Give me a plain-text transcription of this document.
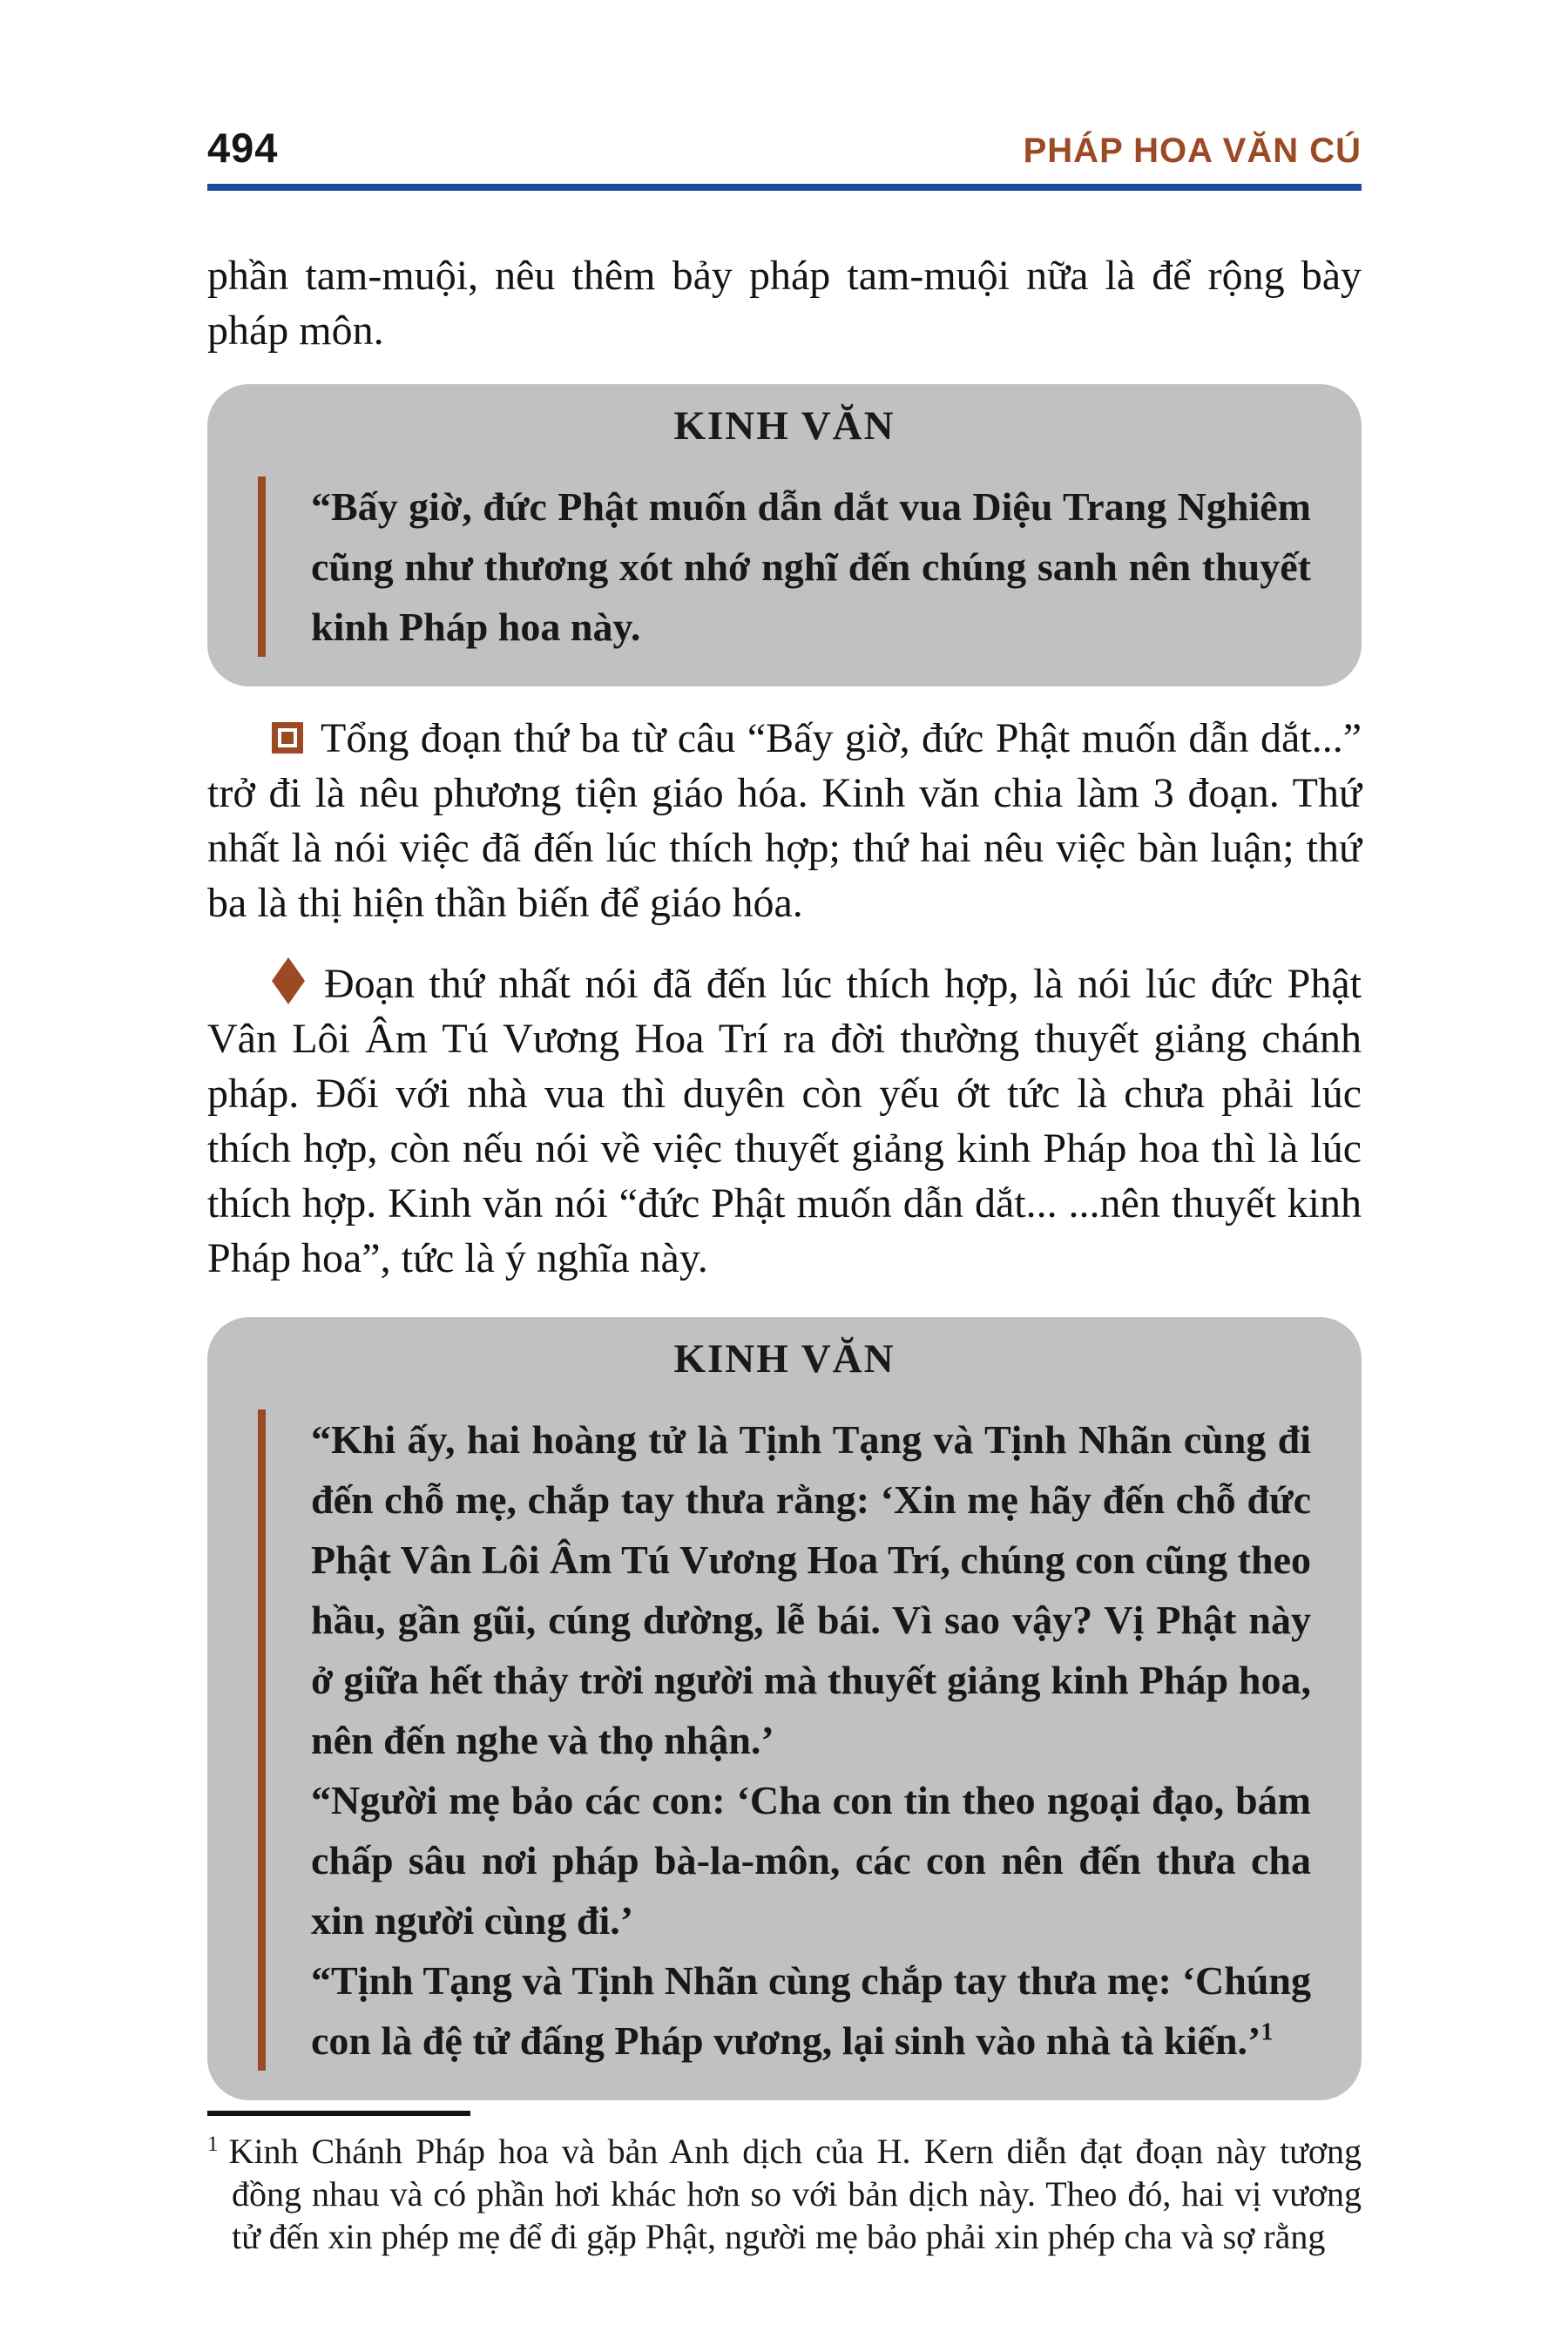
494	PHÁP HOA VĂN CÚ

phần tam-muội, nêu thêm bảy pháp tam-muội nữa là để rộng bày pháp môn.

KINH VĂN

“Bấy giờ, đức Phật muốn dẫn dắt vua Diệu Trang Nghiêm cũng như thương xót nhớ nghĩ đến chúng sanh nên thuyết kinh Pháp hoa này.

Tổng đoạn thứ ba từ câu “Bấy giờ, đức Phật muốn dẫn dắt...” trở đi là nêu phương tiện giáo hóa. Kinh văn chia làm 3 đoạn. Thứ nhất là nói việc đã đến lúc thích hợp; thứ hai nêu việc bàn luận; thứ ba là thị hiện thần biến để giáo hóa.

Đoạn thứ nhất nói đã đến lúc thích hợp, là nói lúc đức Phật Vân Lôi Âm Tú Vương Hoa Trí ra đời thường thuyết giảng chánh pháp. Đối với nhà vua thì duyên còn yếu ớt tức là chưa phải lúc thích hợp, còn nếu nói về việc thuyết giảng kinh Pháp hoa thì là lúc thích hợp. Kinh văn nói “đức Phật muốn dẫn dắt... ...nên thuyết kinh Pháp hoa”, tức là ý nghĩa này.

KINH VĂN

“Khi ấy, hai hoàng tử là Tịnh Tạng và Tịnh Nhãn cùng đi đến chỗ mẹ, chắp tay thưa rằng: ‘Xin mẹ hãy đến chỗ đức Phật Vân Lôi Âm Tú Vương Hoa Trí, chúng con cũng theo hầu, gần gũi, cúng dường, lễ bái. Vì sao vậy? Vị Phật này ở giữa hết thảy trời người mà thuyết giảng kinh Pháp hoa, nên đến nghe và thọ nhận.’

“Người mẹ bảo các con: ‘Cha con tin theo ngoại đạo, bám chấp sâu nơi pháp bà-la-môn, các con nên đến thưa cha xin người cùng đi.’

“Tịnh Tạng và Tịnh Nhãn cùng chắp tay thưa mẹ: ‘Chúng con là đệ tử đấng Pháp vương, lại sinh vào nhà tà kiến.’$^1$

$^1$ Kinh Chánh Pháp hoa và bản Anh dịch của H. Kern diễn đạt đoạn này tương đồng nhau và có phần hơi khác hơn so với bản dịch này. Theo đó, hai vị vương tử đến xin phép mẹ để đi gặp Phật, người mẹ bảo phải xin phép cha và sợ rằng
